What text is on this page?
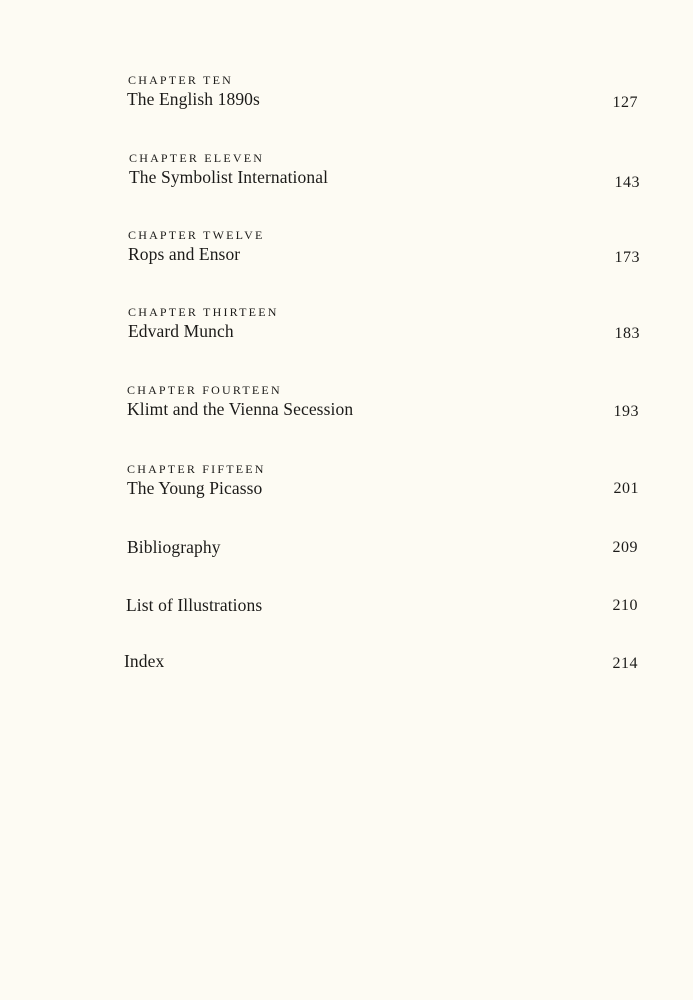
CHAPTER TEN
The English 1890s	127
CHAPTER ELEVEN
The Symbolist International	143
CHAPTER TWELVE
Rops and Ensor	173
CHAPTER THIRTEEN
Edvard Munch	183
CHAPTER FOURTEEN
Klimt and the Vienna Secession	193
CHAPTER FIFTEEN
The Young Picasso	201
Bibliography	209
List of Illustrations	210
Index	214
